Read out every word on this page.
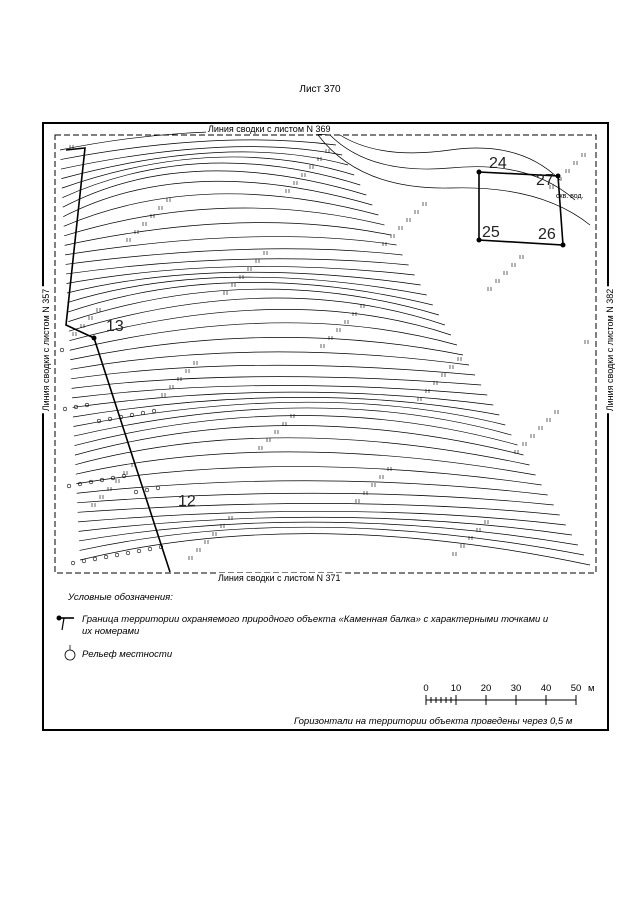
Лист 370
Линия сводки с листом N 369
Линия сводки с листом N 371
Линия сводки с листом N 357	Линия сводки с листом N 382
13
12
24
25 26
27
скв. вод.
Условные обозначения:
Граница территории охраняемого природного объекта «Каменная балка» с характерными точками и их номерами
Рельеф местности
0 10 20 30 40 50 м
Горизонтали на территории объекта проведены через 0,5 м
